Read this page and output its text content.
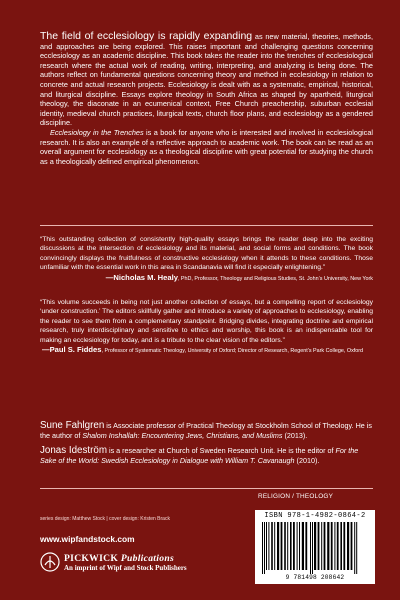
The field of ecclesiology is rapidly expanding as new material, theories, methods, and approaches are being explored. This raises important and challenging questions concerning ecclesiology as an academic discipline. This book takes the reader into the trenches of ecclesiological research where the actual work of reading, writing, interpreting, and analyzing is being done. The authors reflect on fundamental questions concerning theory and method in ecclesiology in relation to concrete and actual research projects. Ecclesiology is dealt with as a systematic, empirical, historical, and liturgical discipline. Essays explore theology in South Africa as shaped by apartheid, liturgical theology, the diaconate in an ecumenical context, Free Church preachership, suburban ecclesial identity, medieval church practices, liturgical texts, church floor plans, and ecclesiology as a gendered discipline.

Ecclesiology in the Trenches is a book for anyone who is interested and involved in ecclesiological research. It is also an example of a reflective approach to academic work. The book can be read as an overall argument for ecclesiology as a theological discipline with great potential for studying the church as a theologically defined empirical phenomenon.

“This outstanding collection of consistently high-quality essays brings the reader deep into the exciting discussions at the intersection of ecclesiology and its material, and social forms and conditions. The book convincingly displays the fruitfulness of constructive ecclesiology when it attends to these conditions. Those unfamiliar with the essential work in this area in Scandanavia will find it especially enlightening.”

—Nicholas M. Healy, PhD, Professor, Theology and Religious Studies, St. John’s University, New York

“This volume succeeds in being not just another collection of essays, but a compelling report of ecclesiology ‘under construction.’ The editors skillfully gather and introduce a variety of approaches to ecclesiology, enabling the reader to see them from a complementary standpoint. Bridging divides, integrating doctrine and empirical research, truly interdisciplinary and sensitive to ethics and worship, this book is an indispensable tool for making an ecclesiology for today, and is a tribute to the clear vision of the editors.”

—Paul S. Fiddes, Professor of Systematic Theology, University of Oxford; Director of Research, Regent’s Park College, Oxford

Sune Fahlgren is Associate professor of Practical Theology at Stockholm School of Theology. He is the author of Shalom Inshallah: Encountering Jews, Christians, and Muslims (2013).

Jonas Ideström is a researcher at Church of Sweden Research Unit. He is the editor of For the Sake of the World: Swedish Ecclesiology in Dialogue with William T. Cavanaugh (2010).

RELIGION / THEOLOGY
ISBN 978-1-4982-0864-2
9 781498 208642
series design: Matthew Stock | cover design: Kristen Brack
www.wipfandstock.com
PICKWICK Publications
An imprint of Wipf and Stock Publishers
